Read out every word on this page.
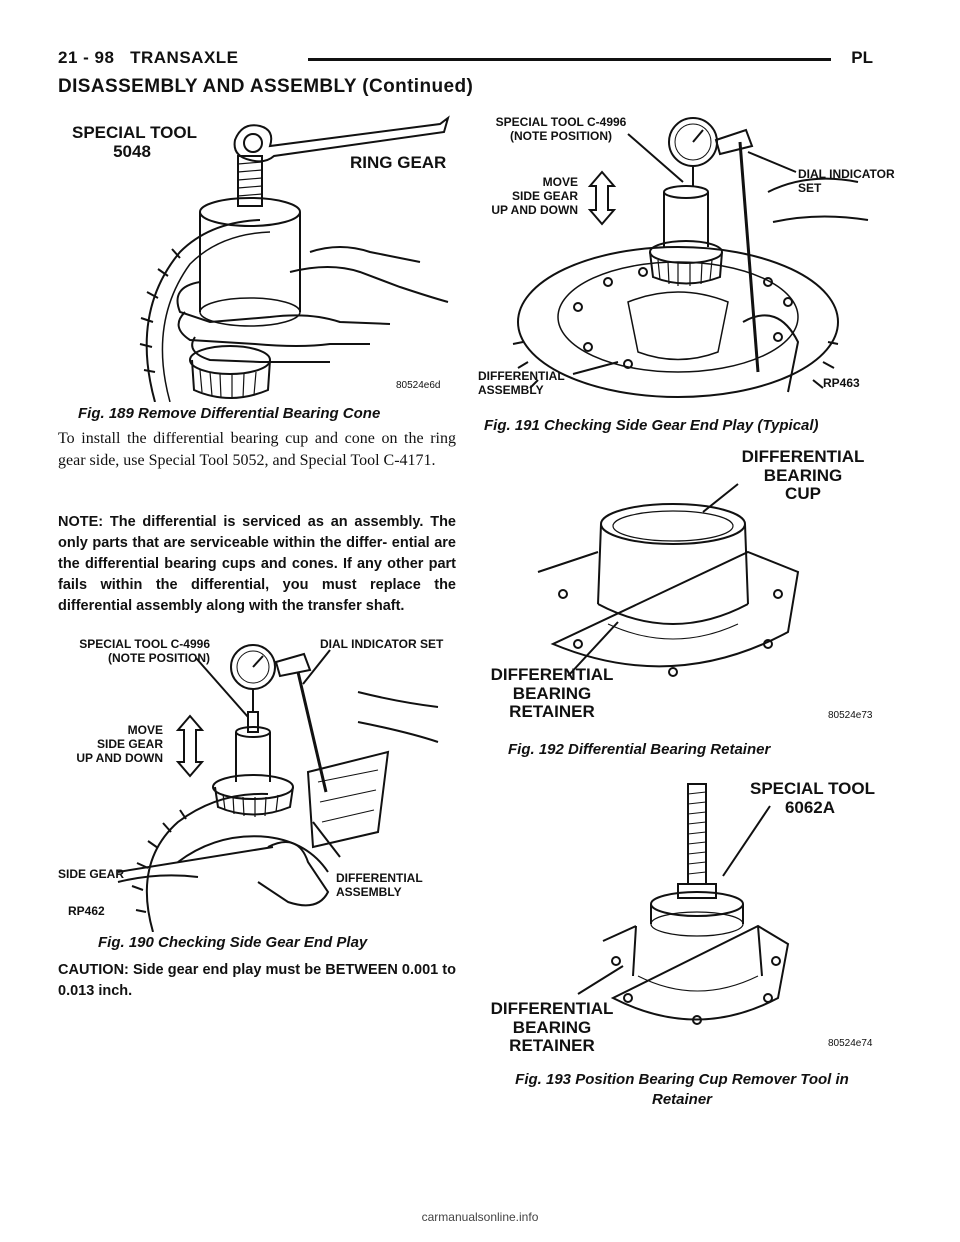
21 - 98 TRANSAXLE	PL
DISASSEMBLY AND ASSEMBLY (Continued)
SPECIAL TOOL
5048
RING GEAR
80524e6d
Fig. 189 Remove Differential Bearing Cone
To install the differential bearing cup and cone on the ring gear side, use Special Tool 5052, and Special Tool C-4171.
NOTE: The differential is serviced as an assembly. The only parts that are serviceable within the differ- ential are the differential bearing cups and cones. If any other part fails within the differential, you must replace the differential assembly along with the transfer shaft.
SPECIAL TOOL C-4996
(NOTE POSITION)
DIAL INDICATOR SET
MOVE
SIDE GEAR
UP AND DOWN
SIDE GEAR	DIFFERENTIAL
ASSEMBLY
RP462
Fig. 190 Checking Side Gear End Play
CAUTION: Side gear end play must be BETWEEN 0.001 to 0.013 inch.
SPECIAL TOOL C-4996
(NOTE POSITION)
MOVE
SIDE GEAR
UP AND DOWN
DIAL INDICATOR
SET
DIFFERENTIAL
ASSEMBLY	RP463
Fig. 191 Checking Side Gear End Play (Typical)
DIFFERENTIAL
BEARING
CUP
DIFFERENTIAL
BEARING
RETAINER	80524e73
Fig. 192 Differential Bearing Retainer
SPECIAL TOOL
6062A
DIFFERENTIAL
BEARING
RETAINER	80524e74
Fig. 193 Position Bearing Cup Remover Tool in
Retainer
carmanualsonline.info
